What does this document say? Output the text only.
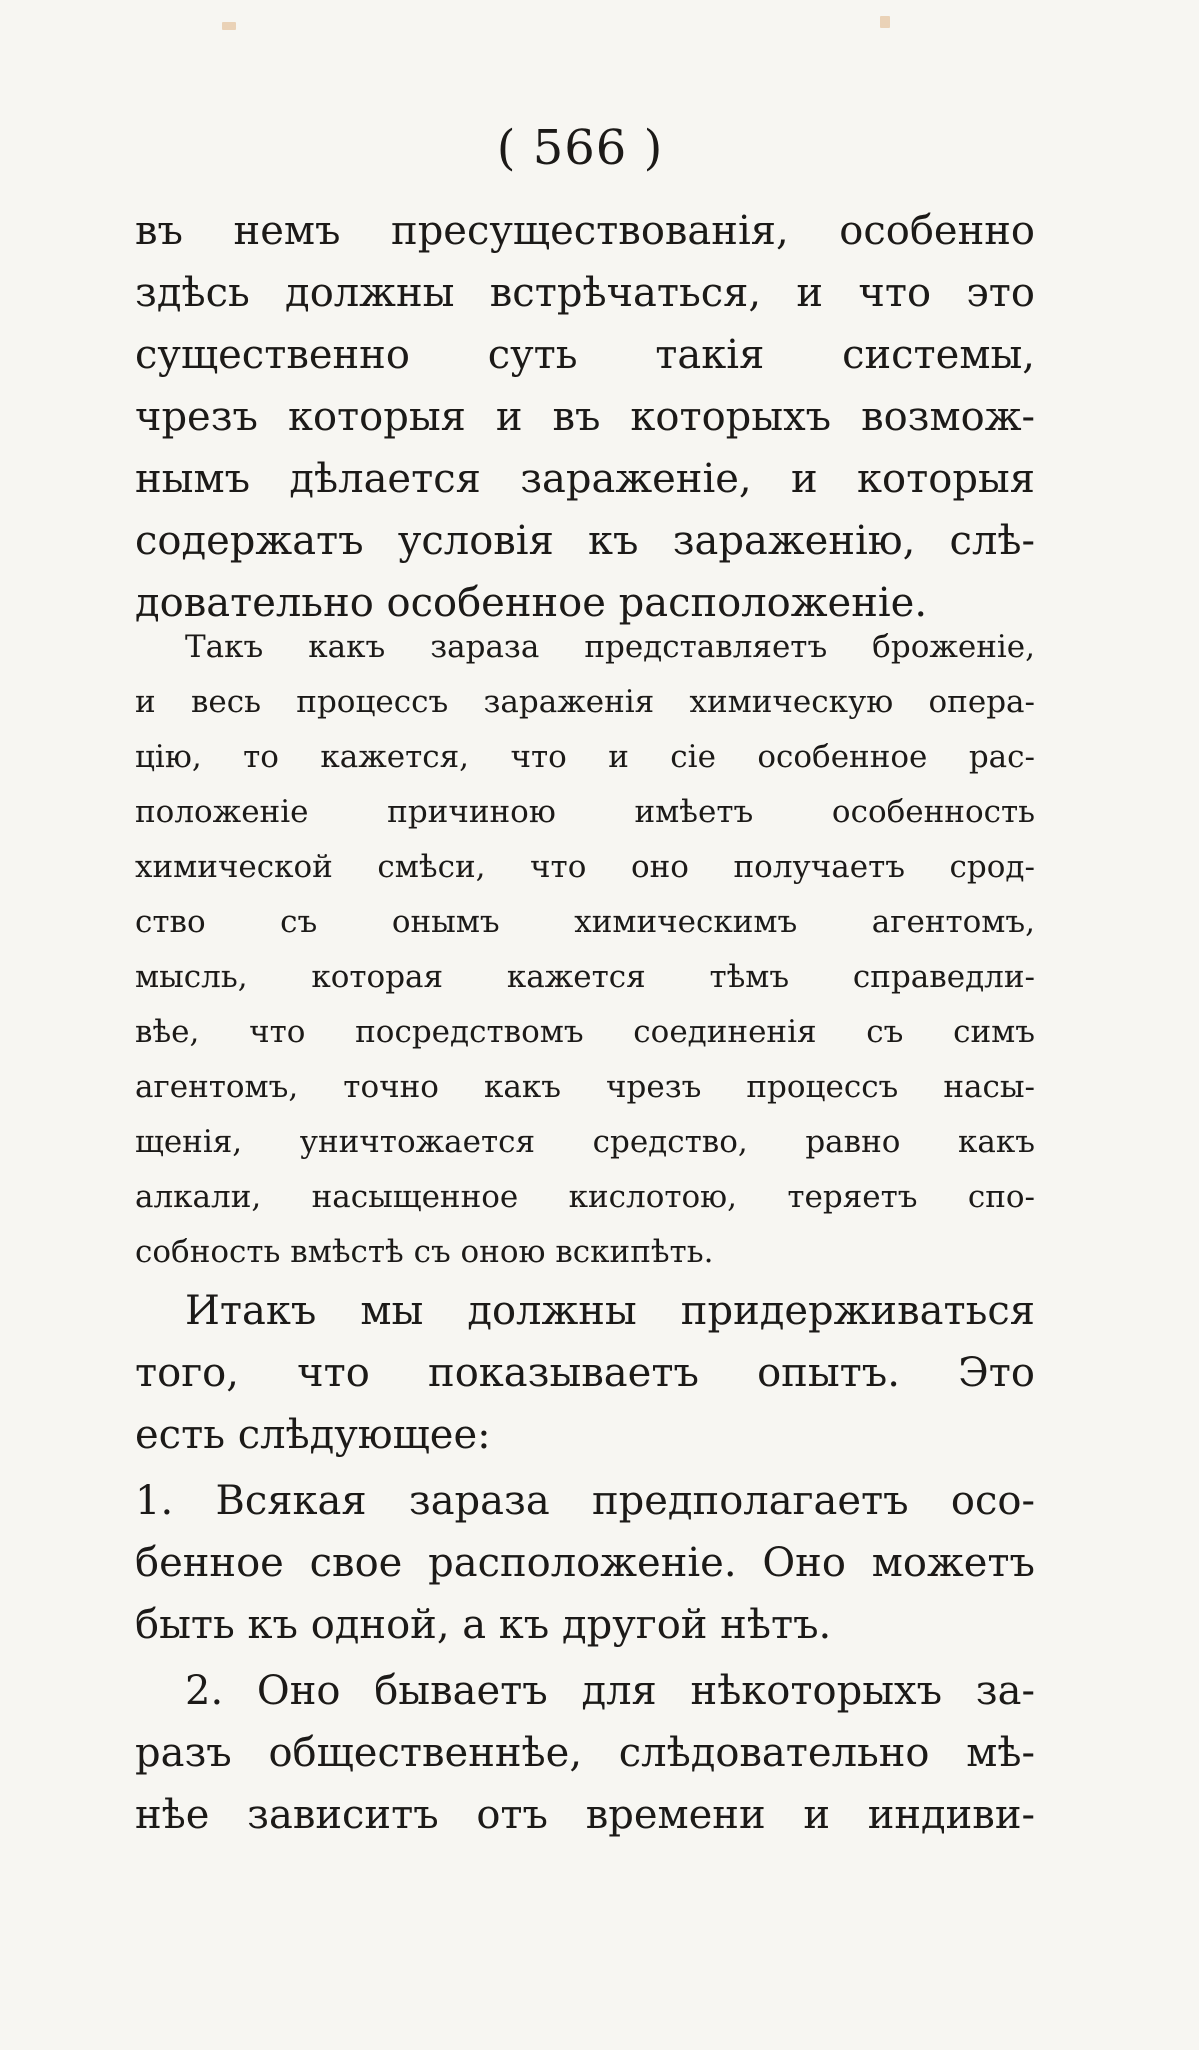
( 566 )
въ немъ пресуществованія, особенно
здѣсь должны встрѣчаться, и что это
существенно суть такія системы,
чрезъ которыя и въ которыхъ возмож-
нымъ дѣлается зараженіе, и которыя
содержатъ условія къ зараженію, слѣ-
довательно особенное расположеніе.
Такъ какъ зараза представляетъ броженіе,
и весь процессъ зараженія химическую опера-
цію, то кажется, что и сіе особенное рас-
положеніе причиною имѣетъ особенность
химической смѣси, что оно получаетъ срод-
ство съ онымъ химическимъ агентомъ,
мысль, которая кажется тѣмъ справедли-
вѣе, что посредствомъ соединенія съ симъ
агентомъ, точно какъ чрезъ процессъ насы-
щенія, уничтожается средство, равно какъ
алкали, насыщенное кислотою, теряетъ спо-
собность вмѣстѣ съ оною вскипѣть.
Итакъ мы должны придерживаться
того, что показываетъ опытъ. Это
есть слѣдующее:
1. Всякая зараза предполагаетъ осо-
бенное свое расположеніе. Оно можетъ
быть къ одной, а къ другой нѣтъ.
2. Оно бываетъ для нѣкоторыхъ за-
разъ общественнѣе, слѣдовательно мѣ-
нѣе зависитъ отъ времени и индиви-
